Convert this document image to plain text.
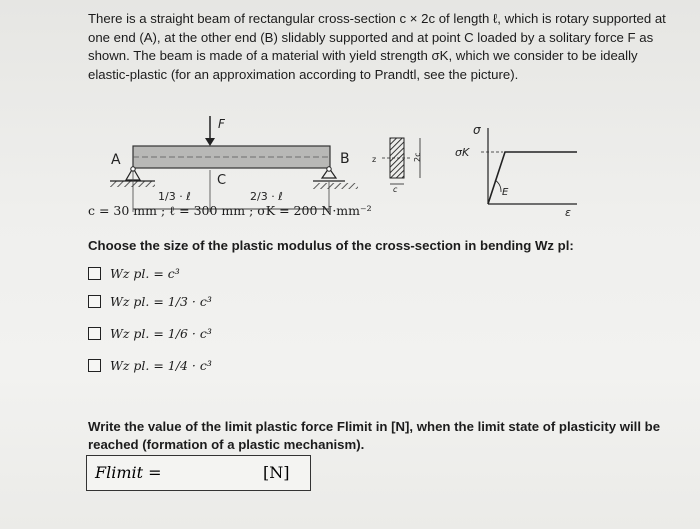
There is a straight beam of rectangular cross-section c × 2c of length ℓ, which is rotary supported at one end (A), at the other end (B) slidably supported and at point C loaded by a solitary force F as shown. The beam is made of a material with yield strength σK, which we consider to be ideally elastic-plastic (for an approximation according to Prandtl, see the picture).
F
A	B
C
1/3 · ℓ	2/3 · ℓ
z	2c
c
σ
σK
E
ε
c = 30 mm ; ℓ = 300 mm ; σK = 200 N·mm⁻²
Choose the size of the plastic modulus of the cross-section in bending Wz pl:
Wz pl. = c³
Wz pl. = 1/3 · c³
Wz pl. = 1/6 · c³
Wz pl. = 1/4 · c³
Write the value of the limit plastic force Flimit in [N], when the limit state of plasticity will be reached (formation of a plastic mechanism).
Flimit =	[N]
